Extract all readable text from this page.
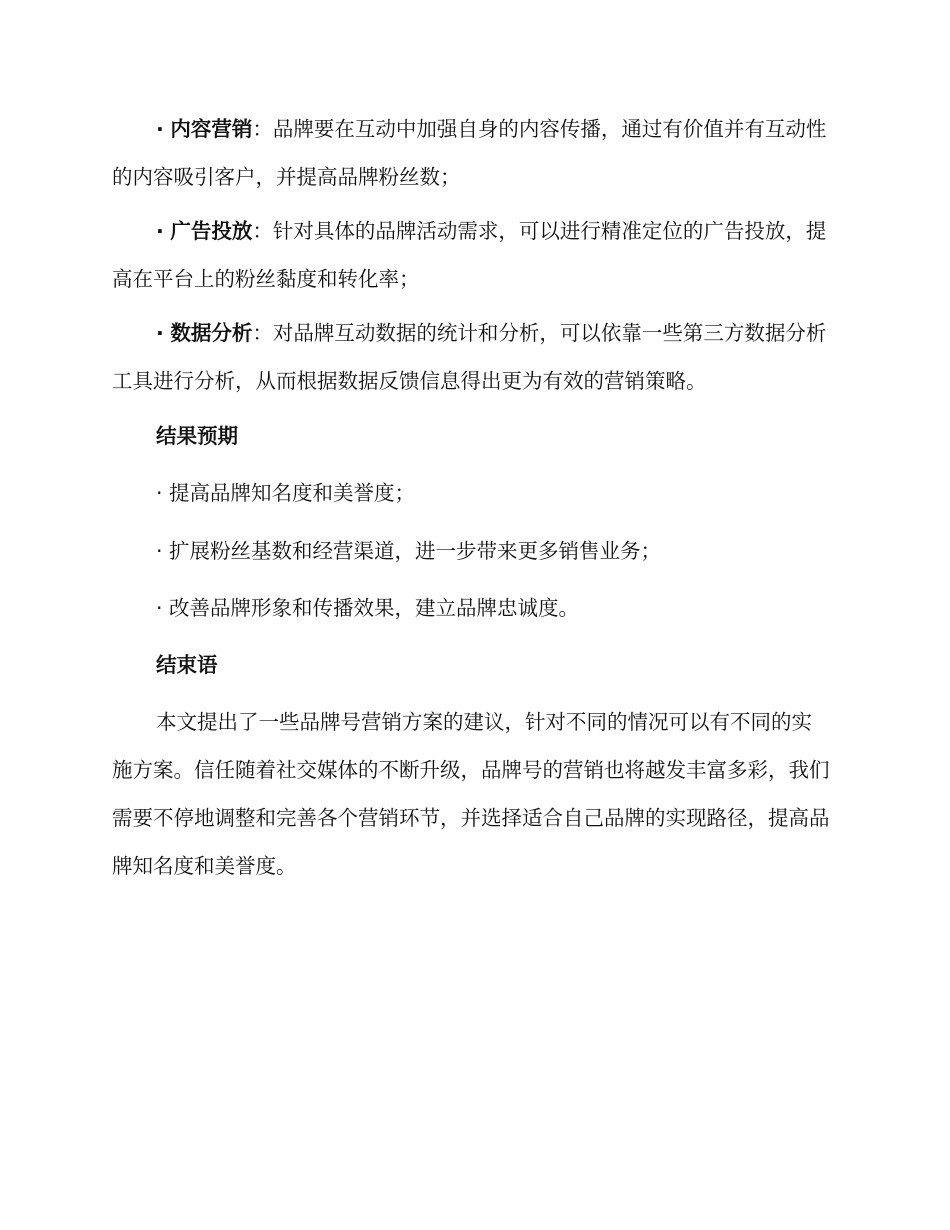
· 内容营销：品牌要在互动中加强自身的内容传播，通过有价值并有互动性的内容吸引客户，并提高品牌粉丝数；

· 广告投放：针对具体的品牌活动需求，可以进行精准定位的广告投放，提高在平台上的粉丝黏度和转化率；

· 数据分析：对品牌互动数据的统计和分析，可以依靠一些第三方数据分析工具进行分析，从而根据数据反馈信息得出更为有效的营销策略。

结果预期

· 提高品牌知名度和美誉度；

· 扩展粉丝基数和经营渠道，进一步带来更多销售业务；

· 改善品牌形象和传播效果，建立品牌忠诚度。

结束语

本文提出了一些品牌号营销方案的建议，针对不同的情况可以有不同的实施方案。信任随着社交媒体的不断升级，品牌号的营销也将越发丰富多彩，我们需要不停地调整和完善各个营销环节，并选择适合自己品牌的实现路径，提高品牌知名度和美誉度。
